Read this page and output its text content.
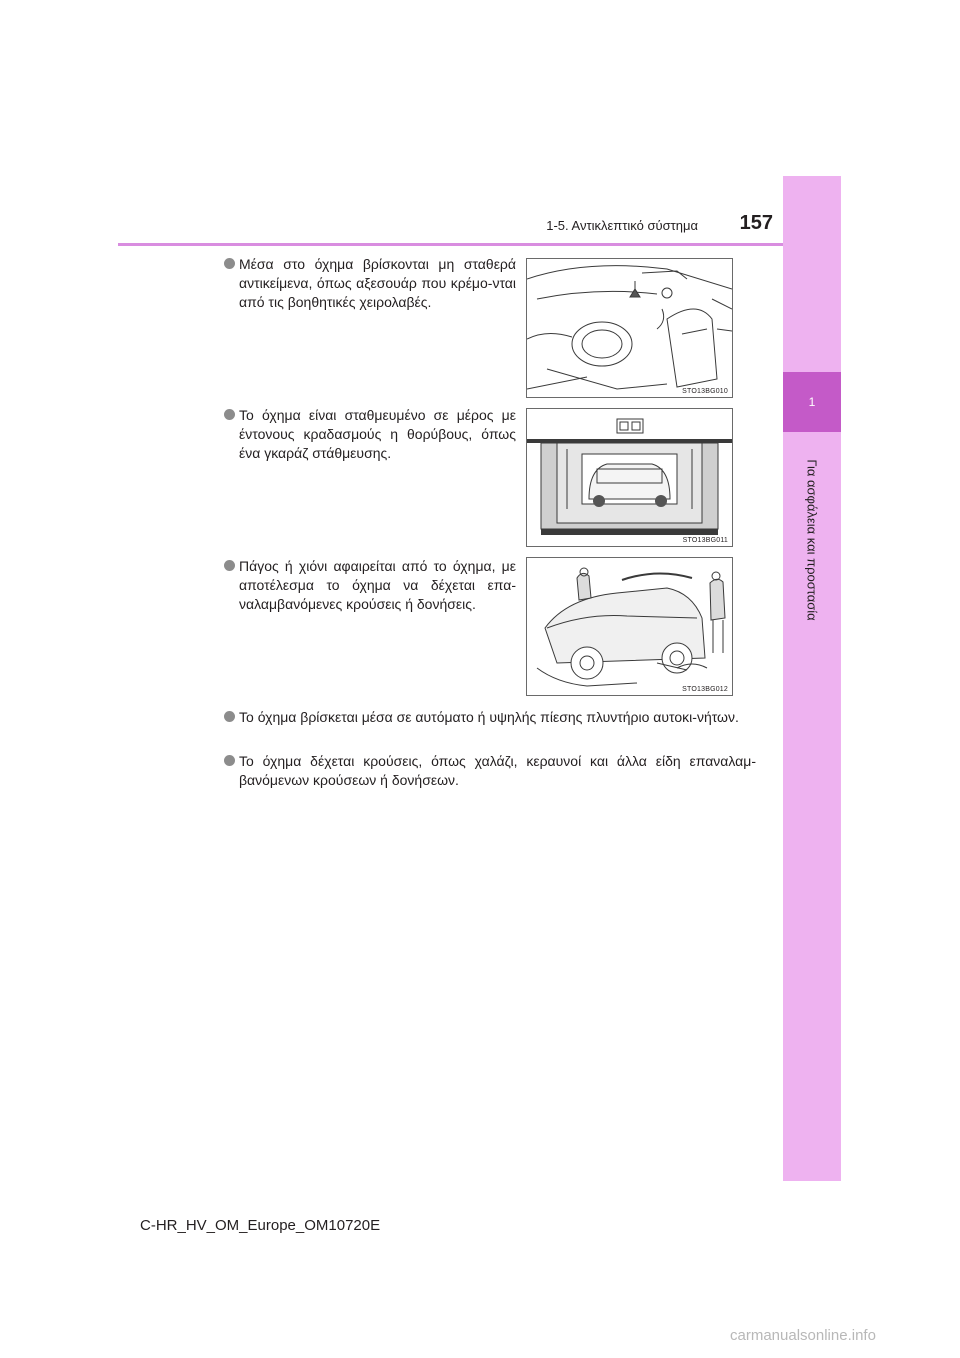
1
Για ασφάλεια και προστασία
1-5. Αντικλεπτικό σύστημα	157
Μέσα στο όχημα βρίσκονται μη σταθερά αντικείμενα, όπως αξεσουάρ που κρέμο-νται από τις βοηθητικές χειρολαβές.
STO13BG010
Το όχημα είναι σταθμευμένο σε μέρος με έντονους κραδασμούς η θορύβους, όπως ένα γκαράζ στάθμευσης.
STO13BG011
Πάγος ή χιόνι αφαιρείται από το όχημα, με αποτέλεσμα το όχημα να δέχεται επα-ναλαμβανόμενες κρούσεις ή δονήσεις.
STO13BG012
Το όχημα βρίσκεται μέσα σε αυτόματο ή υψηλής πίεσης πλυντήριο αυτοκι-νήτων.
Το όχημα δέχεται κρούσεις, όπως χαλάζι, κεραυνοί και άλλα είδη επαναλαμ-βανόμενων κρούσεων ή δονήσεων.
C-HR_HV_OM_Europe_OM10720E
carmanualsonline.info
